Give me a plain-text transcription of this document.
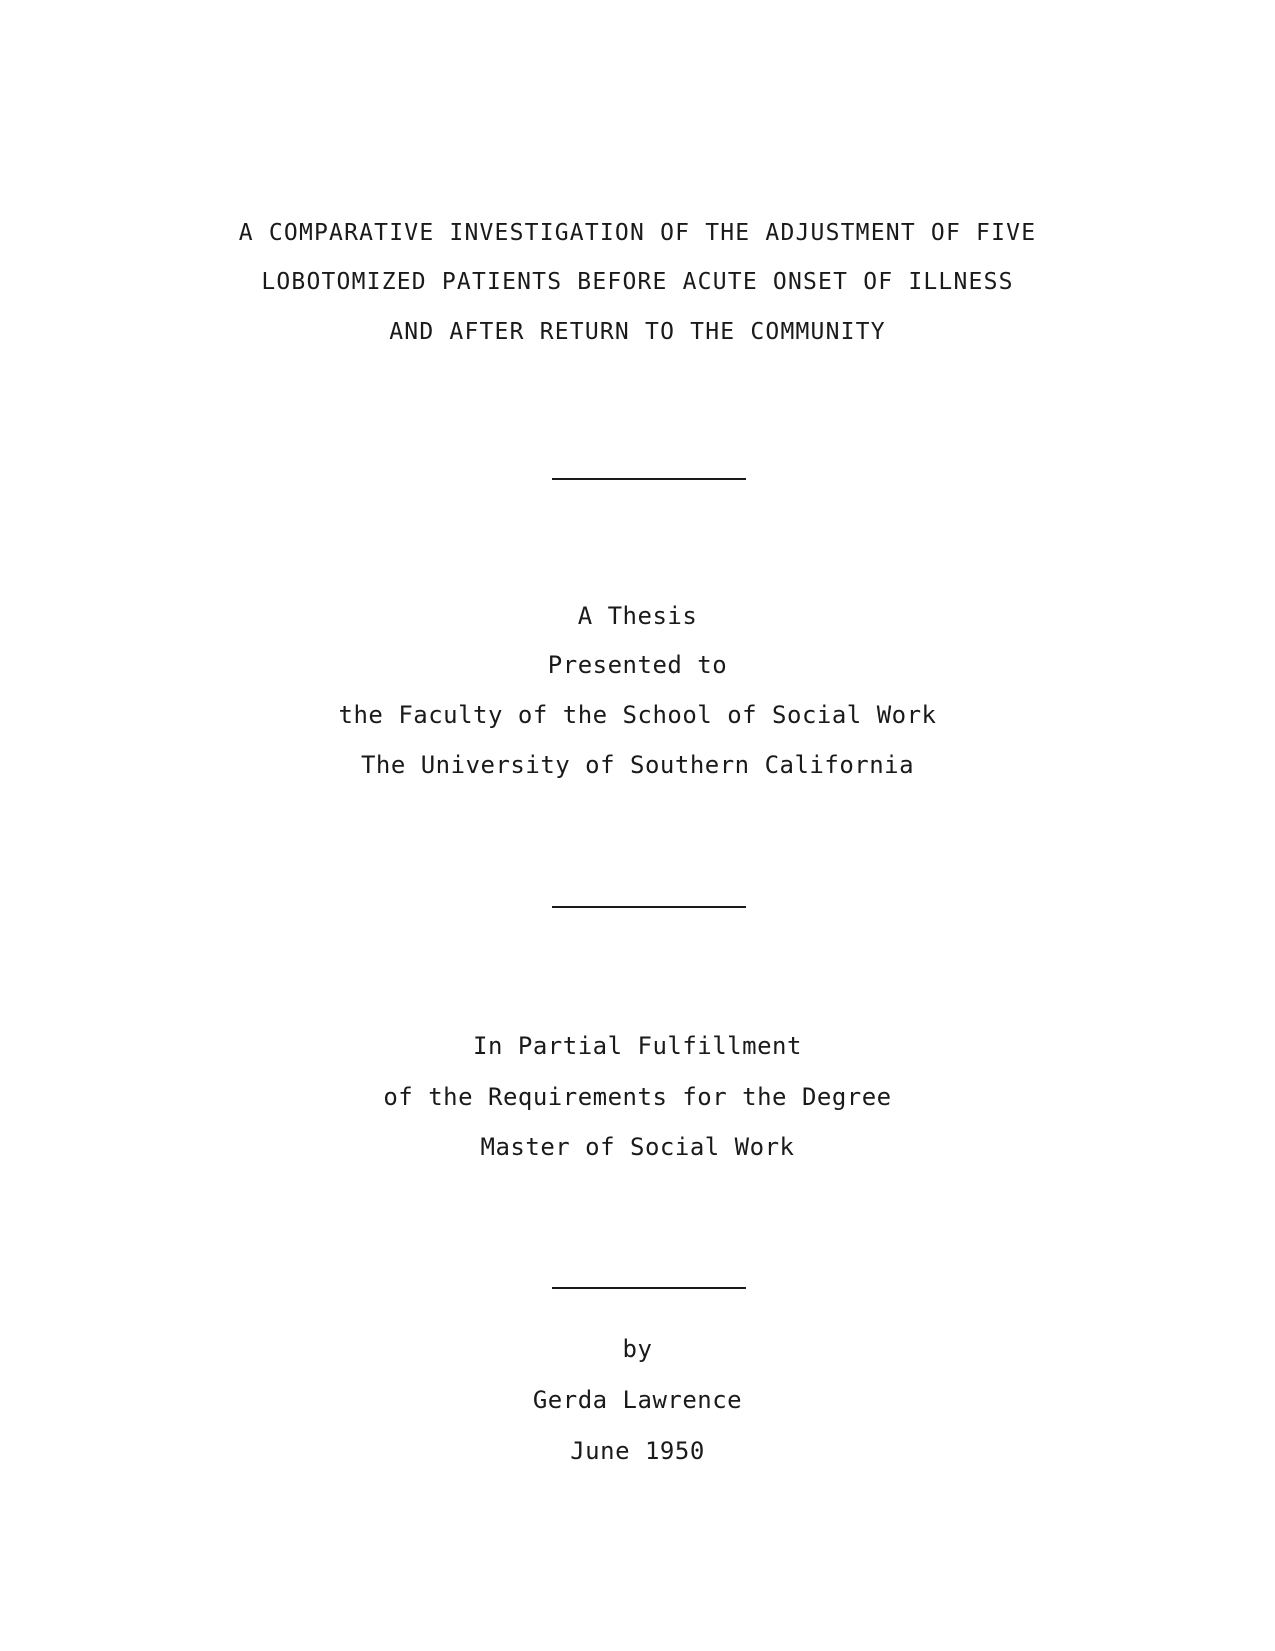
A COMPARATIVE INVESTIGATION OF THE ADJUSTMENT OF FIVE
LOBOTOMIZED PATIENTS BEFORE ACUTE ONSET OF ILLNESS
AND AFTER RETURN TO THE COMMUNITY
A Thesis
Presented to
the Faculty of the School of Social Work
The University of Southern California
In Partial Fulfillment
of the Requirements for the Degree
Master of Social Work
by
Gerda Lawrence
June 1950
